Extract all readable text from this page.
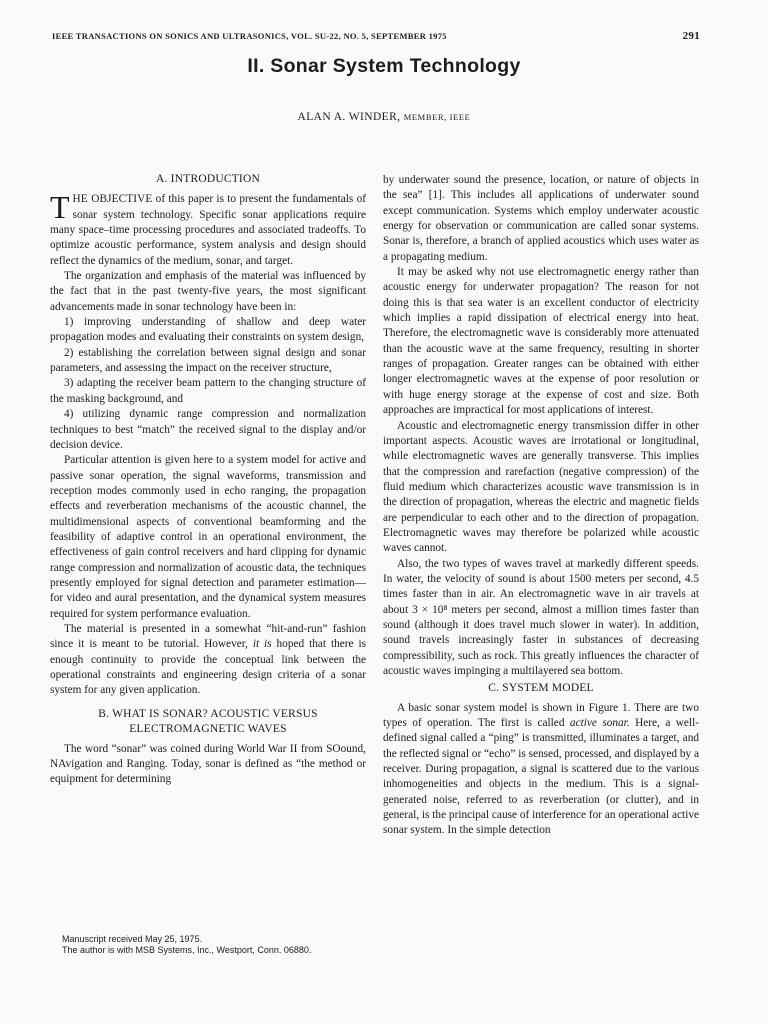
IEEE TRANSACTIONS ON SONICS AND ULTRASONICS, VOL. SU-22, NO. 5, SEPTEMBER 1975	291
II. Sonar System Technology
ALAN A. WINDER, MEMBER, IEEE
A. INTRODUCTION

THE OBJECTIVE of this paper is to present the fundamentals of sonar system technology. Specific sonar applications require many space–time processing procedures and associated tradeoffs. To optimize acoustic performance, system analysis and design should reflect the dynamics of the medium, sonar, and target.

The organization and emphasis of the material was influenced by the fact that in the past twenty-five years, the most significant advancements made in sonar technology have been in:

1) improving understanding of shallow and deep water propagation modes and evaluating their constraints on system design,

2) establishing the correlation between signal design and sonar parameters, and assessing the impact on the receiver structure,

3) adapting the receiver beam pattern to the changing structure of the masking background, and

4) utilizing dynamic range compression and normalization techniques to best “match” the received signal to the display and/or decision device.

Particular attention is given here to a system model for active and passive sonar operation, the signal waveforms, transmission and reception modes commonly used in echo ranging, the propagation effects and reverberation mechanisms of the acoustic channel, the multidimensional aspects of conventional beamforming and the feasibility of adaptive control in an operational environment, the effectiveness of gain control receivers and hard clipping for dynamic range compression and normalization of acoustic data, the techniques presently employed for signal detection and parameter estimation—for video and aural presentation, and the dynamical system measures required for system performance evaluation.

The material is presented in a somewhat “hit-and-run” fashion since it is meant to be tutorial. However, it is hoped that there is enough continuity to provide the conceptual link between the operational constraints and engineering design criteria of a sonar system for any given application.

B. WHAT IS SONAR? ACOUSTIC VERSUS
ELECTROMAGNETIC WAVES

The word “sonar” was coined during World War II from SOound, NAvigation and Ranging. Today, sonar is defined as “the method or equipment for determining

Manuscript received May 25, 1975.
The author is with MSB Systems, Inc., Westport, Conn. 06880.

by underwater sound the presence, location, or nature of objects in the sea” [1]. This includes all applications of underwater sound except communication. Systems which employ underwater acoustic energy for observation or communication are called sonar systems. Sonar is, therefore, a branch of applied acoustics which uses water as a propagating medium.

It may be asked why not use electromagnetic energy rather than acoustic energy for underwater propagation? The reason for not doing this is that sea water is an excellent conductor of electricity which implies a rapid dissipation of electrical energy into heat. Therefore, the electromagnetic wave is considerably more attenuated than the acoustic wave at the same frequency, resulting in shorter ranges of propagation. Greater ranges can be obtained with either longer electromagnetic waves at the expense of poor resolution or with huge energy storage at the expense of cost and size. Both approaches are impractical for most applications of interest.

Acoustic and electromagnetic energy transmission differ in other important aspects. Acoustic waves are irrotational or longitudinal, while electromagnetic waves are generally transverse. This implies that the compression and rarefaction (negative compression) of the fluid medium which characterizes acoustic wave transmission is in the direction of propagation, whereas the electric and magnetic fields are perpendicular to each other and to the direction of propagation. Electromagnetic waves may therefore be polarized while acoustic waves cannot.

Also, the two types of waves travel at markedly different speeds. In water, the velocity of sound is about 1500 meters per second, 4.5 times faster than in air. An electromagnetic wave in air travels at about 3 × 10⁸ meters per second, almost a million times faster than sound (although it does travel much slower in water). In addition, sound travels increasingly faster in substances of decreasing compressibility, such as rock. This greatly influences the character of acoustic waves impinging a multilayered sea bottom.

C. SYSTEM MODEL

A basic sonar system model is shown in Figure 1. There are two types of operation. The first is called active sonar. Here, a well-defined signal called a “ping” is transmitted, illuminates a target, and the reflected signal or “echo” is sensed, processed, and displayed by a receiver. During propagation, a signal is scattered due to the various inhomogeneities and objects in the medium. This is a signal-generated noise, referred to as reverberation (or clutter), and in general, is the principal cause of interference for an operational active sonar system. In the simple detection
